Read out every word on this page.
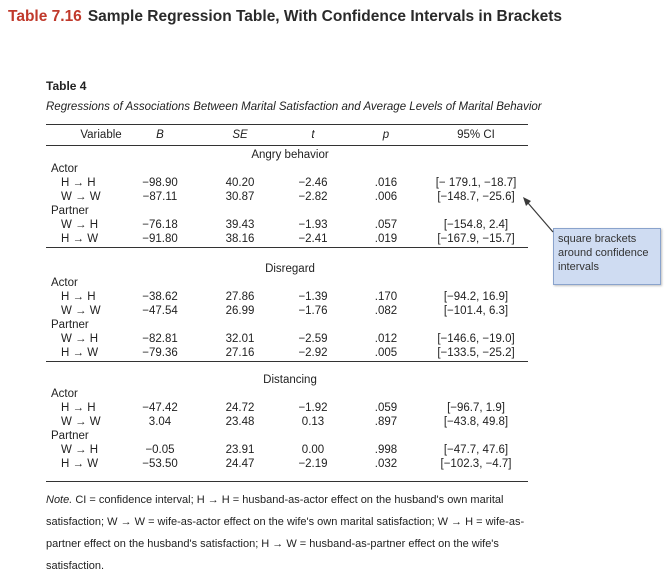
Table 7.16 Sample Regression Table, With Confidence Intervals in Brackets
Table 4
Regressions of Associations Between Marital Satisfaction and Average Levels of Marital Behavior
Variable	B	SE	t	p	95% CI
Angry behavior
Actor
H → H	−98.90	40.20	−2.46	.016	[− 179.1, −18.7]
W → W	−87.11	30.87	−2.82	.006	[−148.7, −25.6]
Partner
W → H	−76.18	39.43	−1.93	.057	[−154.8, 2.4]
H → W	−91.80	38.16	−2.41	.019	[−167.9, −15.7]
Disregard
Actor
H → H	−38.62	27.86	−1.39	.170	[−94.2, 16.9]
W → W	−47.54	26.99	−1.76	.082	[−101.4, 6.3]
Partner
W → H	−82.81	32.01	−2.59	.012	[−146.6, −19.0]
H → W	−79.36	27.16	−2.92	.005	[−133.5, −25.2]
Distancing
Actor
H → H	−47.42	24.72	−1.92	.059	[−96.7, 1.9]
W → W	3.04	23.48	0.13	.897	[−43.8, 49.8]
Partner
W → H	−0.05	23.91	0.00	.998	[−47.7, 47.6]
H → W	−53.50	24.47	−2.19	.032	[−102.3, −4.7]
Note. CI = confidence interval; H → H = husband-as-actor effect on the husband's own marital satisfaction; W → W = wife-as-actor effect on the wife's own marital satisfaction; W → H = wife-as-partner effect on the husband's satisfaction; H → W = husband-as-partner effect on the wife's satisfaction.
square brackets around confidence intervals
